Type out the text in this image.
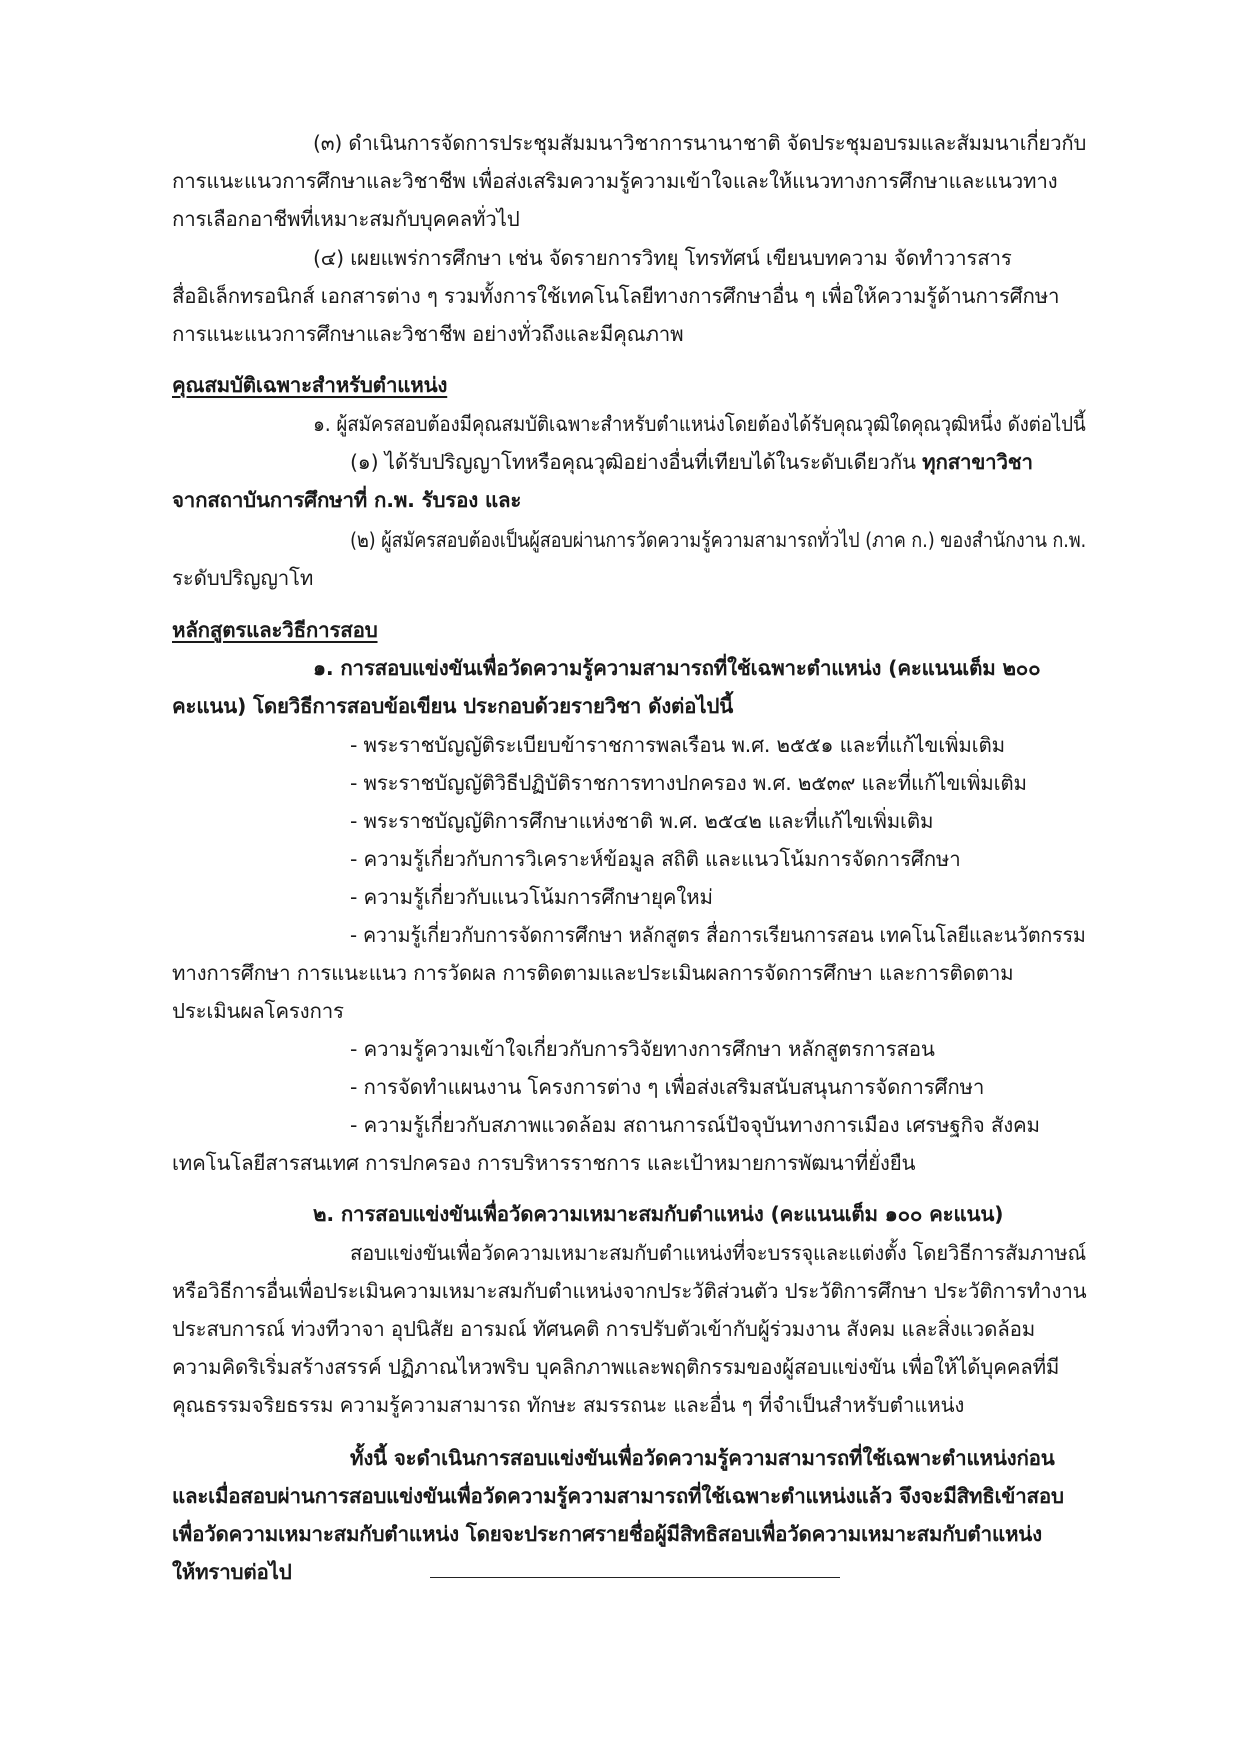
(๓) ดำเนินการจัดการประชุมสัมมนาวิชาการนานาชาติ จัดประชุมอบรมและสัมมนาเกี่ยวกับ
การแนะแนวการศึกษาและวิชาชีพ เพื่อส่งเสริมความรู้ความเข้าใจและให้แนวทางการศึกษาและแนวทาง
การเลือกอาชีพที่เหมาะสมกับบุคคลทั่วไป
(๔) เผยแพร่การศึกษา เช่น จัดรายการวิทยุ โทรทัศน์ เขียนบทความ จัดทำวารสาร
สื่ออิเล็กทรอนิกส์ เอกสารต่าง ๆ รวมทั้งการใช้เทคโนโลยีทางการศึกษาอื่น ๆ เพื่อให้ความรู้ด้านการศึกษา
การแนะแนวการศึกษาและวิชาชีพ อย่างทั่วถึงและมีคุณภาพ
คุณสมบัติเฉพาะสำหรับตำแหน่ง
๑. ผู้สมัครสอบต้องมีคุณสมบัติเฉพาะสำหรับตำแหน่งโดยต้องได้รับคุณวุฒิใดคุณวุฒิหนึ่ง ดังต่อไปนี้
(๑) ได้รับปริญญาโทหรือคุณวุฒิอย่างอื่นที่เทียบได้ในระดับเดียวกัน ทุกสาขาวิชา
จากสถาบันการศึกษาที่ ก.พ. รับรอง และ
(๒) ผู้สมัครสอบต้องเป็นผู้สอบผ่านการวัดความรู้ความสามารถทั่วไป (ภาค ก.) ของสำนักงาน ก.พ.
ระดับปริญญาโท
หลักสูตรและวิธีการสอบ
๑. การสอบแข่งขันเพื่อวัดความรู้ความสามารถที่ใช้เฉพาะตำแหน่ง (คะแนนเต็ม ๒๐๐
คะแนน) โดยวิธีการสอบข้อเขียน ประกอบด้วยรายวิชา ดังต่อไปนี้
- พระราชบัญญัติระเบียบข้าราชการพลเรือน พ.ศ. ๒๕๕๑ และที่แก้ไขเพิ่มเติม
- พระราชบัญญัติวิธีปฏิบัติราชการทางปกครอง พ.ศ. ๒๕๓๙ และที่แก้ไขเพิ่มเติม
- พระราชบัญญัติการศึกษาแห่งชาติ พ.ศ. ๒๕๔๒ และที่แก้ไขเพิ่มเติม
- ความรู้เกี่ยวกับการวิเคราะห์ข้อมูล สถิติ และแนวโน้มการจัดการศึกษา
- ความรู้เกี่ยวกับแนวโน้มการศึกษายุคใหม่
- ความรู้เกี่ยวกับการจัดการศึกษา หลักสูตร สื่อการเรียนการสอน เทคโนโลยีและนวัตกรรม
ทางการศึกษา การแนะแนว การวัดผล การติดตามและประเมินผลการจัดการศึกษา และการติดตาม
ประเมินผลโครงการ
- ความรู้ความเข้าใจเกี่ยวกับการวิจัยทางการศึกษา หลักสูตรการสอน
- การจัดทำแผนงาน โครงการต่าง ๆ เพื่อส่งเสริมสนับสนุนการจัดการศึกษา
- ความรู้เกี่ยวกับสภาพแวดล้อม สถานการณ์ปัจจุบันทางการเมือง เศรษฐกิจ สังคม
เทคโนโลยีสารสนเทศ การปกครอง การบริหารราชการ และเป้าหมายการพัฒนาที่ยั่งยืน
๒. การสอบแข่งขันเพื่อวัดความเหมาะสมกับตำแหน่ง (คะแนนเต็ม ๑๐๐ คะแนน)
สอบแข่งขันเพื่อวัดความเหมาะสมกับตำแหน่งที่จะบรรจุและแต่งตั้ง โดยวิธีการสัมภาษณ์
หรือวิธีการอื่นเพื่อประเมินความเหมาะสมกับตำแหน่งจากประวัติส่วนตัว ประวัติการศึกษา ประวัติการทำงาน
ประสบการณ์ ท่วงทีวาจา อุปนิสัย อารมณ์ ทัศนคติ การปรับตัวเข้ากับผู้ร่วมงาน สังคม และสิ่งแวดล้อม
ความคิดริเริ่มสร้างสรรค์ ปฏิภาณไหวพริบ บุคลิกภาพและพฤติกรรมของผู้สอบแข่งขัน เพื่อให้ได้บุคคลที่มี
คุณธรรมจริยธรรม ความรู้ความสามารถ ทักษะ สมรรถนะ และอื่น ๆ ที่จำเป็นสำหรับตำแหน่ง
ทั้งนี้ จะดำเนินการสอบแข่งขันเพื่อวัดความรู้ความสามารถที่ใช้เฉพาะตำแหน่งก่อน
และเมื่อสอบผ่านการสอบแข่งขันเพื่อวัดความรู้ความสามารถที่ใช้เฉพาะตำแหน่งแล้ว จึงจะมีสิทธิเข้าสอบ
เพื่อวัดความเหมาะสมกับตำแหน่ง โดยจะประกาศรายชื่อผู้มีสิทธิสอบเพื่อวัดความเหมาะสมกับตำแหน่ง
ให้ทราบต่อไป
